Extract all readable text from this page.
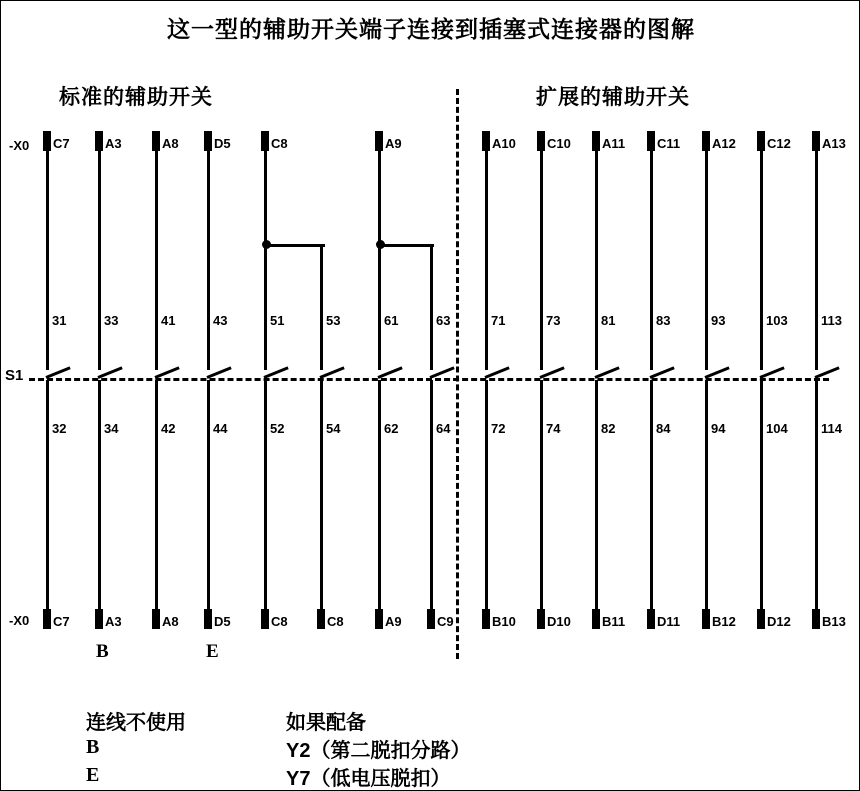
这一型的辅助开关端子连接到插塞式连接器的图解
标准的辅助开关	扩展的辅助开关
-X0
-X0
S1
C7
31
32
C7
A3
33
34
A3
A8
41
42
A8
D5
43
44
D5
C8
51
52
C8
53
54
C8
A9
61
62
A9
63
64
C9
A10
71
72
B10
C10
73
74
D10
A11
81
82
B11
C11
83
84
D11
A12
93
94
B12
C12
103
104
D12
A13
113
114
B13
B	E
连线不使用	如果配备
B	Y2（第二脱扣分路）
E	Y7（低电压脱扣）
